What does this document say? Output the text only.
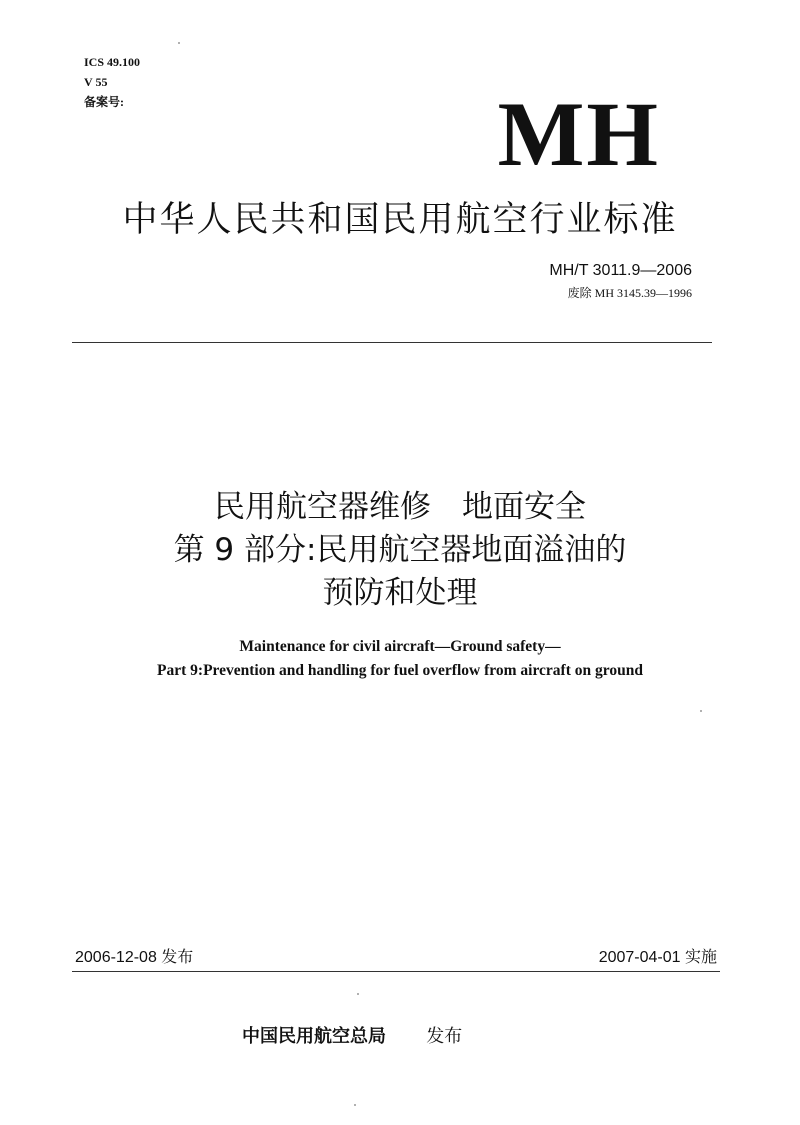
ICS 49.100
V 55
备案号:	MH
中华人民共和国民用航空行业标准
MH/T 3011.9—2006
废除 MH 3145.39—1996
民用航空器维修　地面安全
第 9 部分:民用航空器地面溢油的
预防和处理
Maintenance for civil aircraft—Ground safety—
Part 9:Prevention and handling for fuel overflow from aircraft on ground
2006-12-08 发布	2007-04-01 实施
中国民用航空总局 发布
